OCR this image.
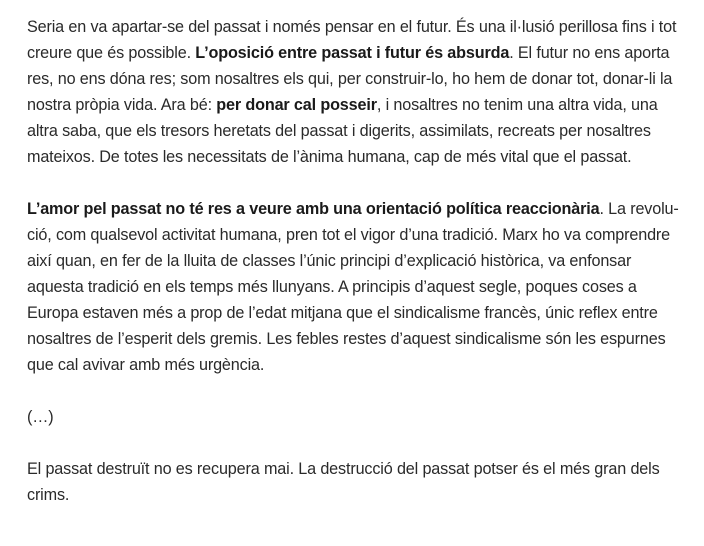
Seria en va apartar-se del passat i només pensar en el futur. És una il·lusió perillosa fins i tot creure que és possible. L’oposició entre passat i futur és absurda. El futur no ens aporta res, no ens dóna res; som nosaltres els qui, per construir-lo, ho hem de donar tot, donar-li la nostra pròpia vida. Ara bé: per donar cal posseir, i nosaltres no tenim una altra vida, una altra saba, que els tresors heretats del passat i digerits, assimilats, recreats per nosaltres mateixos. De totes les necessitats de l’ànima humana, cap de més vital que el passat.

L’amor pel passat no té res a veure amb una orientació política reaccionària. La revolució, com qualsevol activitat humana, pren tot el vigor d’una tradició. Marx ho va comprendre així quan, en fer de la lluita de classes l’únic principi d’explicació històrica, va enfonsar aquesta tradició en els temps més llunyans. A principis d’aquest segle, poques coses a Europa estaven més a prop de l’edat mitjana que el sindicalisme francès, únic reflex entre nosaltres de l’esperit dels gremis. Les febles restes d’aquest sindicalisme són les espurnes que cal avivar amb més urgència.

(…)

El passat destruït no es recupera mai. La destrucció del passat potser és el més gran dels crims.
